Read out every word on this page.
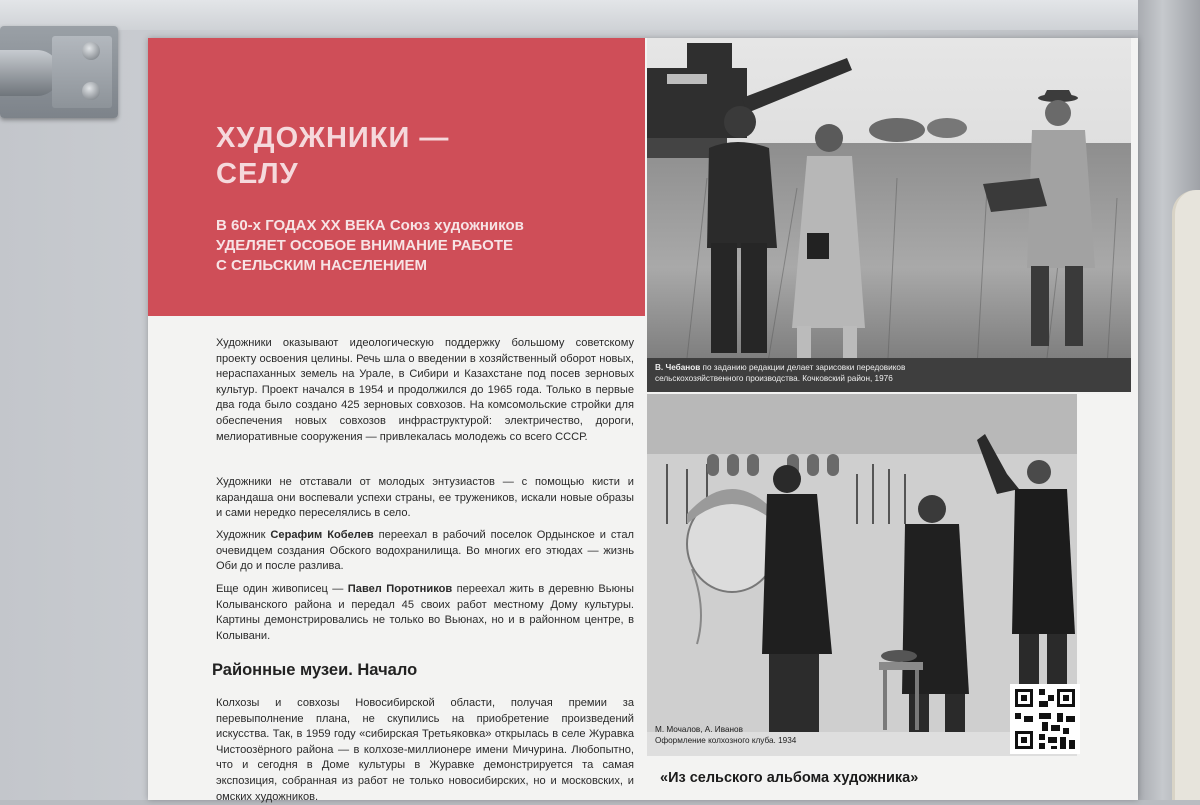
ХУДОЖНИКИ —
СЕЛУ

В 60-х ГОДАХ XX ВЕКА Союз художников
УДЕЛЯЕТ ОСОБОЕ ВНИМАНИЕ РАБОТЕ
С СЕЛЬСКИМ НАСЕЛЕНИЕМ

Художники оказывают идеологическую поддержку большому советскому проекту освоения целины. Речь шла о введении в хозяйственный оборот новых, нераспаханных земель на Урале, в Сибири и Казахстане под посев зерновых культур. Проект начался в 1954 и продолжился до 1965 года. Только в первые два года было создано 425 зерновых совхозов. На комсомольские стройки для обеспечения новых совхозов инфраструктурой: электричество, дороги, мелиоративные сооружения — привлекалась молодежь со всего СССР.

Художники не отставали от молодых энтузиастов — с помощью кисти и карандаша они воспевали успехи страны, ее тружеников, искали новые образы и сами нередко переселялись в село.

Художник Серафим Кобелев переехал в рабочий поселок Ордынское и стал очевидцем создания Обского водохранилища. Во многих его этюдах — жизнь Оби до и после разлива.

Еще один живописец — Павел Поротников переехал жить в деревню Вьюны Колыванского района и передал 45 своих работ местному Дому культуры. Картины демонстрировались не только во Вьюнах, но и в районном центре, в Колывани.

Районные музеи. Начало

Колхозы и совхозы Новосибирской области, получая премии за перевыполнение плана, не скупились на приобретение произведений искусства. Так, в 1959 году «сибирская Третьяковка» открылась в селе Журавка Чистоозёрного района — в колхозе-миллионере имени Мичурина. Любопытно, что и сегодня в Доме культуры в Журавке демонстрируется та самая экспозиция, собранная из работ не только новосибирских, но и московских, и омских художников.

В. Чебанов по заданию редакции делает зарисовки передовиков
сельскохозяйственного производства. Кочковский район, 1976
М. Мочалов, А. Иванов
Оформление колхозного клуба. 1934
«Из сельского альбома художника»
